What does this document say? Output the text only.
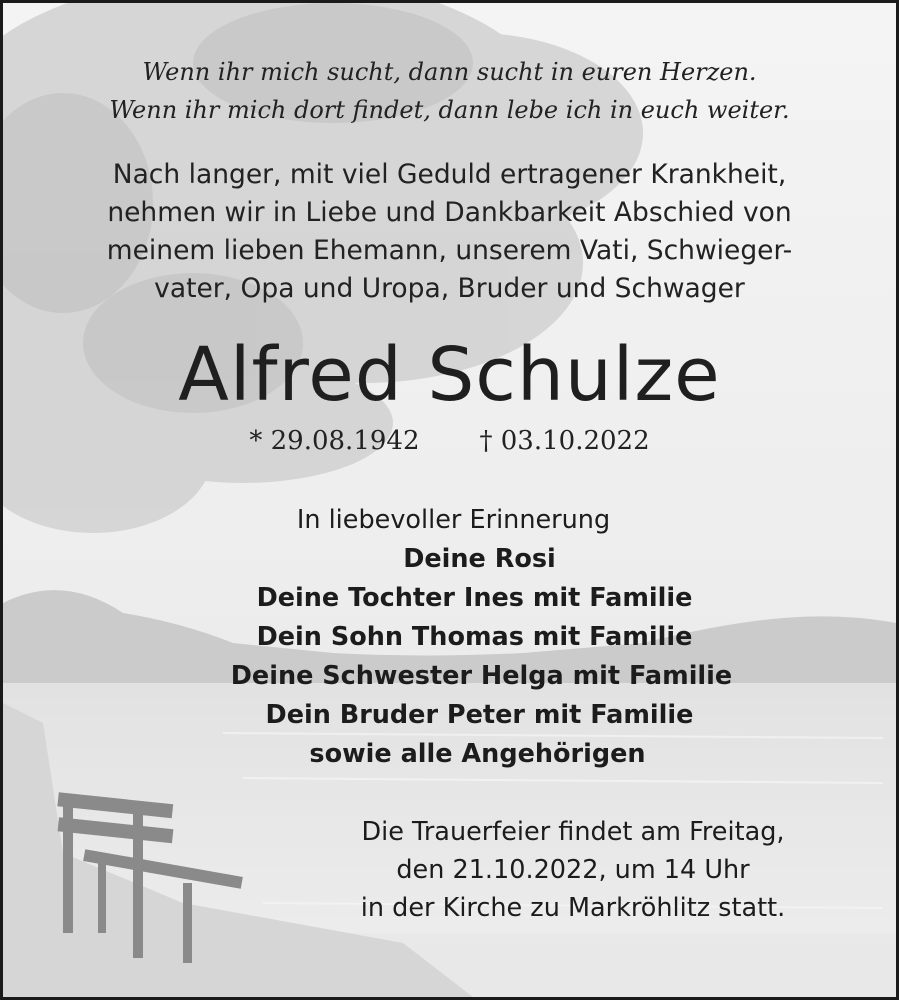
Wenn ihr mich sucht, dann sucht in euren Herzen.
Wenn ihr mich dort findet, dann lebe ich in euch weiter.
Nach langer, mit viel Geduld ertragener Krankheit,
nehmen wir in Liebe und Dankbarkeit Abschied von
meinem lieben Ehemann, unserem Vati, Schwieger-
vater, Opa und Uropa, Bruder und Schwager
Alfred Schulze
* 29.08.1942 † 03.10.2022
In liebevoller Erinnerung
Deine Rosi
Deine Tochter Ines mit Familie
Dein Sohn Thomas mit Familie
Deine Schwester Helga mit Familie
Dein Bruder Peter mit Familie
sowie alle Angehörigen
Die Trauerfeier findet am Freitag,
den 21.10.2022, um 14 Uhr
in der Kirche zu Markröhlitz statt.
